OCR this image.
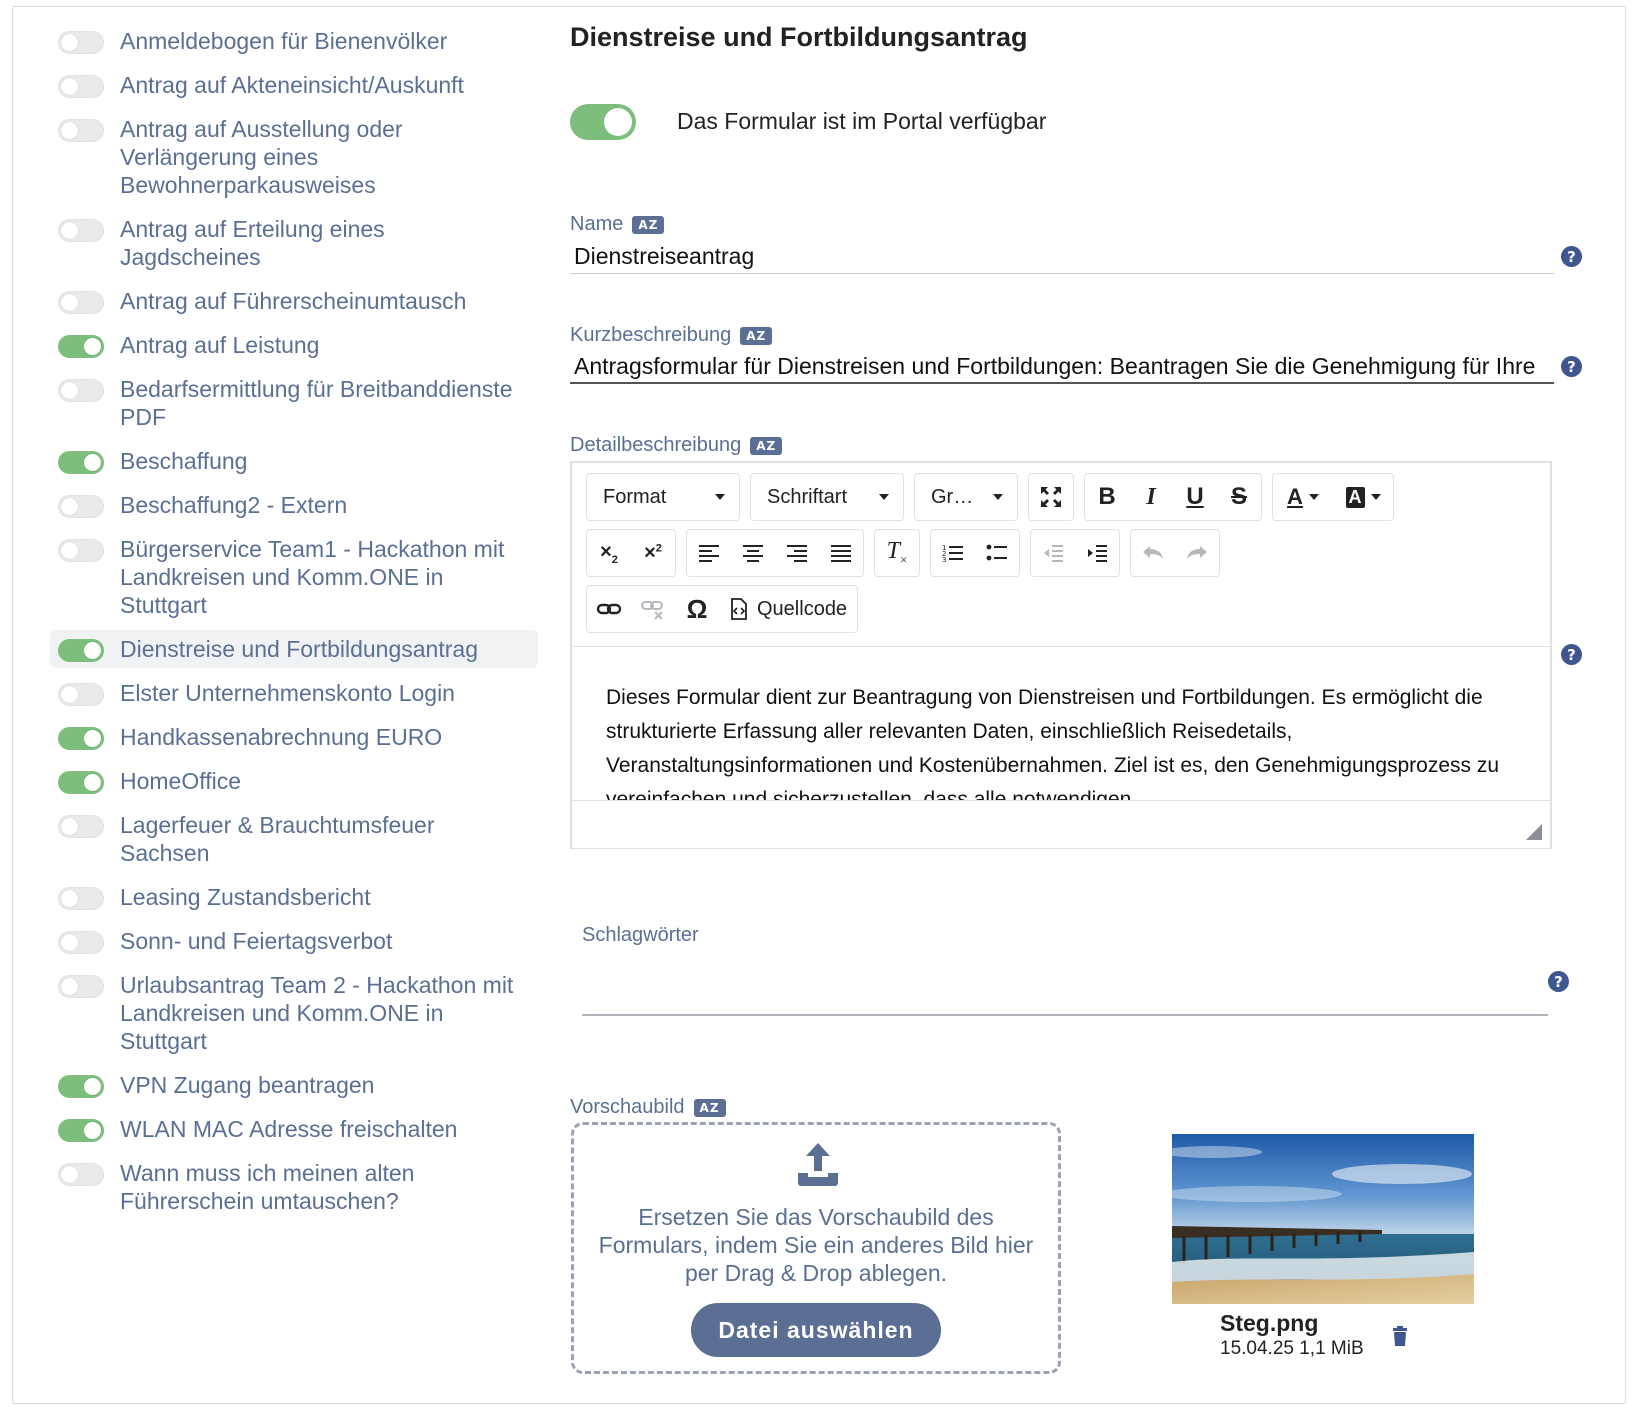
Anmeldebogen für Bienenvölker
Antrag auf Akteneinsicht/Auskunft
Antrag auf Ausstellung oder Verlängerung eines Bewohnerparkausweises
Antrag auf Erteilung eines Jagdscheines
Antrag auf Führerscheinumtausch
Antrag auf Leistung
Bedarfsermittlung für Breitbanddienste PDF
Beschaffung
Beschaffung2 - Extern
Bürgerservice Team1 - Hackathon mit Landkreisen und Komm.ONE in Stuttgart
Dienstreise und Fortbildungsantrag
Elster Unternehmenskonto Login
Handkassenabrechnung EURO
HomeOffice
Lagerfeuer & Brauchtumsfeuer Sachsen
Leasing Zustandsbericht
Sonn- und Feiertagsverbot
Urlaubsantrag Team 2 - Hackathon mit Landkreisen und Komm.ONE in Stuttgart
VPN Zugang beantragen
WLAN MAC Adresse freischalten
Wann muss ich meinen alten Führerschein umtauschen?
Dienstreise und Fortbildungsantrag
Das Formular ist im Portal verfügbar
Name	AZ
Dienstreiseantrag	?
Kurzbeschreibung	AZ
Antragsformular für Dienstreisen und Fortbildungen: Beantragen Sie die Genehmigung für Ihre	?
Detailbeschreibung	AZ
Format	Schriftart	Gr…	B I U S A	A
$\times_2 \times^2$	$T_\times$
1
2
3
Ω Quellcode
Dieses Formular dient zur Beantragung von Dienstreisen und Fortbildungen. Es ermöglicht die strukturierte Erfassung aller relevanten Daten, einschließlich Reisedetails, Veranstaltungsinformationen und Kostenübernahmen. Ziel ist es, den Genehmigungsprozess zu
?
Schlagwörter
?
Vorschaubild	AZ
Ersetzen Sie das Vorschaubild des Formulars, indem Sie ein anderes Bild hier per Drag & Drop ablegen.
Datei auswählen	Steg.png
15.04.25 1,1 MiB
